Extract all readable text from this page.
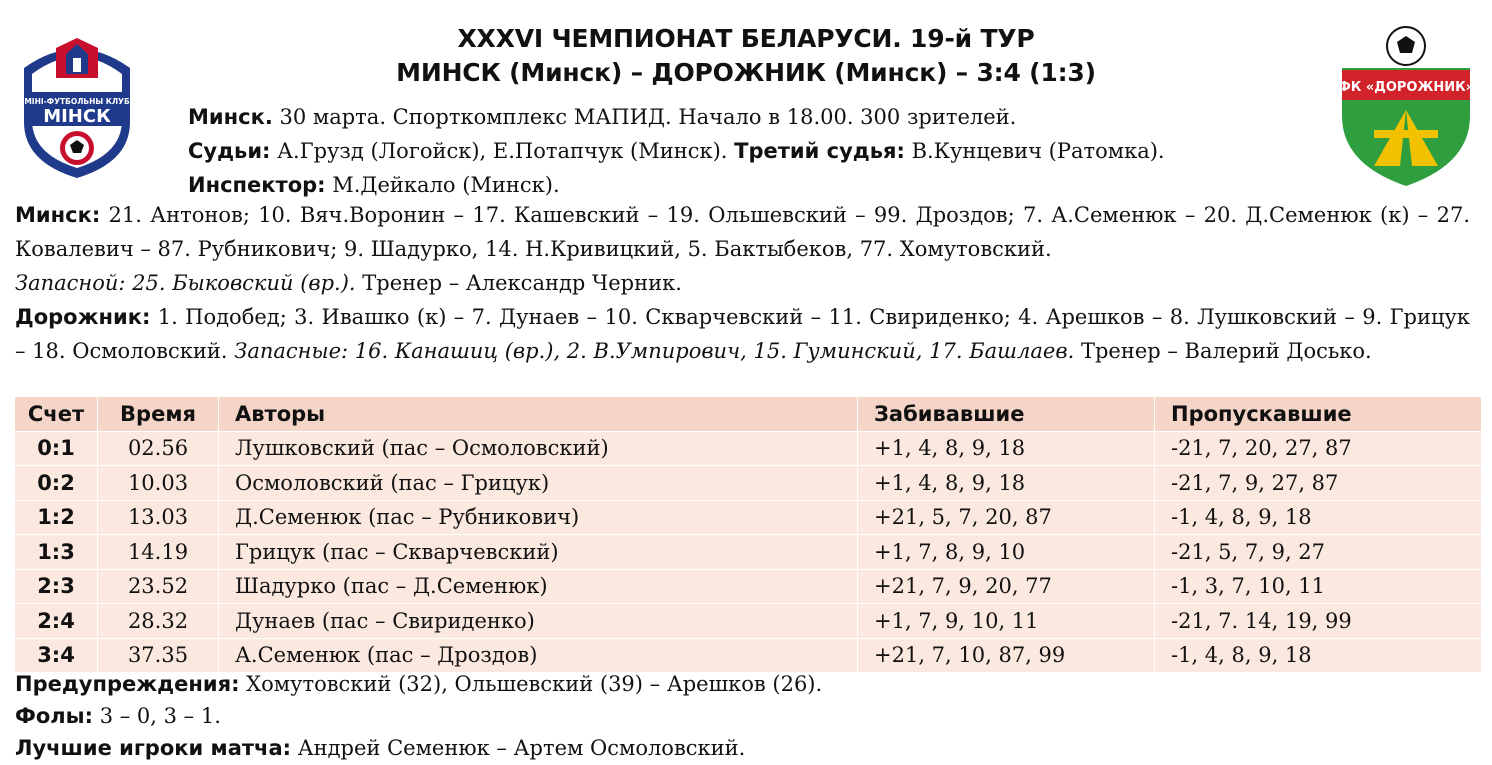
XXXVI ЧЕМПИОНАТ БЕЛАРУСИ. 19-й ТУР

МИНСК (Минск) – ДОРОЖНИК (Минск) – 3:4 (1:3)

МІНІ-ФУТБОЛЬНЫ КЛУБ
МІНСК
ФК «ДОРОЖНИК»

Минск. 30 марта. Спорткомплекс МАПИД. Начало в 18.00. 300 зрителей.

Судьи: А.Грузд (Логойск), Е.Потапчук (Минск). Третий судья: В.Кунцевич (Ратомка).

Инспектор: М.Дейкало (Минск).

Минск: 21. Антонов; 10. Вяч.Воронин – 17. Кашевский – 19. Ольшевский – 99. Дроздов; 7. А.Семенюк – 20. Д.Семенюк (к) – 27. Ковалевич – 87. Рубникович; 9. Шадурко, 14. Н.Кривицкий, 5. Бактыбеков, 77. Хомутовский.
Запасной: 25. Быковский (вр.). Тренер – Александр Черник.

Дорожник: 1. Подобед; 3. Ивашко (к) – 7. Дунаев – 10. Скварчевский – 11. Свириденко; 4. Арешков – 8. Лушковский – 9. Грицук – 18. Осмоловский. Запасные: 16. Канашиц (вр.), 2. В.Умпирович, 15. Гуминский, 17. Башлаев. Тренер – Валерий Досько.

Счет	Время	Авторы	Забивавшие	Пропускавшие
0:1	02.56	Лушковский (пас – Осмоловский)	+1, 4, 8, 9, 18	-21, 7, 20, 27, 87
0:2	10.03	Осмоловский (пас – Грицук)	+1, 4, 8, 9, 18	-21, 7, 9, 27, 87
1:2	13.03	Д.Семенюк (пас – Рубникович)	+21, 5, 7, 20, 87	-1, 4, 8, 9, 18
1:3	14.19	Грицук (пас – Скварчевский)	+1, 7, 8, 9, 10	-21, 5, 7, 9, 27
2:3	23.52	Шадурко (пас – Д.Семенюк)	+21, 7, 9, 20, 77	-1, 3, 7, 10, 11
2:4	28.32	Дунаев (пас – Свириденко)	+1, 7, 9, 10, 11	-21, 7. 14, 19, 99
3:4	37.35	А.Семенюк (пас – Дроздов)	+21, 7, 10, 87, 99	-1, 4, 8, 9, 18

Предупреждения: Хомутовский (32), Ольшевский (39) – Арешков (26).

Фолы: 3 – 0, 3 – 1.

Лучшие игроки матча: Андрей Семенюк – Артем Осмоловский.
